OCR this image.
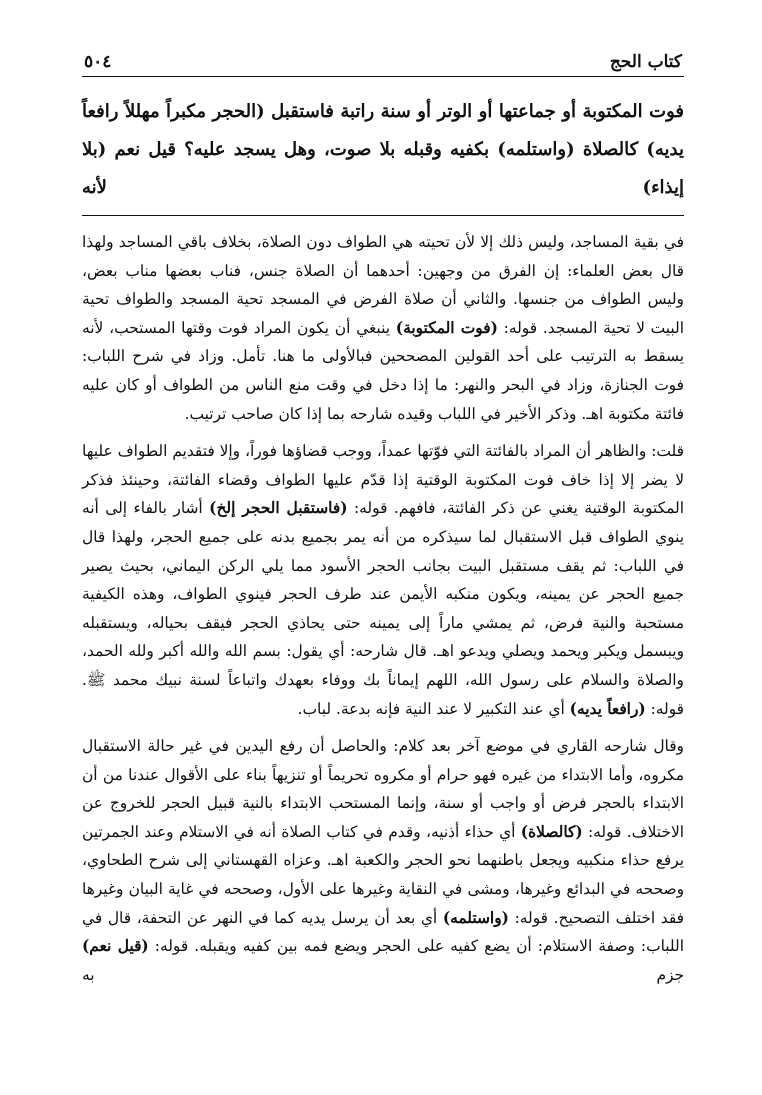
كتاب الحج
٥٠٤
فوت المكتوبة أو جماعتها أو الوتر أو سنة راتبة فاستقبل (الحجر مكبراً مهللاً رافعاً يديه) كالصلاة (واستلمه) بكفيه وقبله بلا صوت، وهل يسجد عليه؟ قيل نعم (بلا إيذاء) لأنه

في بقية المساجد، وليس ذلك إلا لأن تحيته هي الطواف دون الصلاة، بخلاف باقي المساجد ولهذا قال بعض العلماء: إن الفرق من وجهين: أحدهما أن الصلاة جنس، فناب بعضها مناب بعض، وليس الطواف من جنسها. والثاني أن صلاة الفرض في المسجد تحية المسجد والطواف تحية البيت لا تحية المسجد. قوله: (فوت المكتوبة) ينبغي أن يكون المراد فوت وقتها المستحب، لأنه يسقط به الترتيب على أحد القولين المصححين فبالأولى ما هنا. تأمل. وزاد في شرح اللباب: فوت الجنازة، وزاد في البحر والنهر: ما إذا دخل في وقت منع الناس من الطواف أو كان عليه فائتة مكتوبة اهـ. وذكر الأخير في اللباب وقيده شارحه بما إذا كان صاحب ترتيب.

قلت: والظاهر أن المراد بالفائتة التي فوّتها عمداً، ووجب قضاؤها فوراً، وإلا فتقديم الطواف عليها لا يضر إلا إذا خاف فوت المكتوبة الوقتية إذا قدّم عليها الطواف وقضاء الفائتة، وحينئذ فذكر المكتوبة الوقتية يغني عن ذكر الفائتة، فافهم. قوله: (فاستقبل الحجر إلخ) أشار بالفاء إلى أنه ينوي الطواف قبل الاستقبال لما سيذكره من أنه يمر بجميع بدنه على جميع الحجر، ولهذا قال في اللباب: ثم يقف مستقبل البيت بجانب الحجر الأسود مما يلي الركن اليماني، بحيث يصير جميع الحجر عن يمينه، ويكون منكبه الأيمن عند طرف الحجر فينوي الطواف، وهذه الكيفية مستحبة والنية فرض، ثم يمشي ماراً إلى يمينه حتى يحاذي الحجر فيقف بحياله، ويستقبله ويبسمل ويكبر ويحمد ويصلي ويدعو اهـ. قال شارحه: أي يقول: بسم الله والله أكبر ولله الحمد، والصلاة والسلام على رسول الله، اللهم إيماناً بك ووفاء بعهدك واتباعاً لسنة نبيك محمد ﷺ. قوله: (رافعاً يديه) أي عند التكبير لا عند النية فإنه بدعة. لباب.

وقال شارحه القاري في موضع آخر بعد كلام: والحاصل أن رفع اليدين في غير حالة الاستقبال مكروه، وأما الابتداء من غيره فهو حرام أو مكروه تحريماً أو تنزيهاً بناء على الأقوال عندنا من أن الابتداء بالحجر فرض أو واجب أو سنة، وإنما المستحب الابتداء بالنية قبيل الحجر للخروج عن الاختلاف. قوله: (كالصلاة) أي حذاء أذنيه، وقدم في كتاب الصلاة أنه في الاستلام وعند الجمرتين يرفع حذاء منكبيه ويجعل باطنهما نحو الحجر والكعبة اهـ. وعزاه القهستاني إلى شرح الطحاوي، وصححه في البدائع وغيرها، ومشى في النقاية وغيرها على الأول، وصححه في غاية البيان وغيرها فقد اختلف التصحيح. قوله: (واستلمه) أي بعد أن يرسل يديه كما في النهر عن التحفة، قال في اللباب: وصفة الاستلام: أن يضع كفيه على الحجر ويضع فمه بين كفيه ويقبله. قوله: (قيل نعم) جزم به
